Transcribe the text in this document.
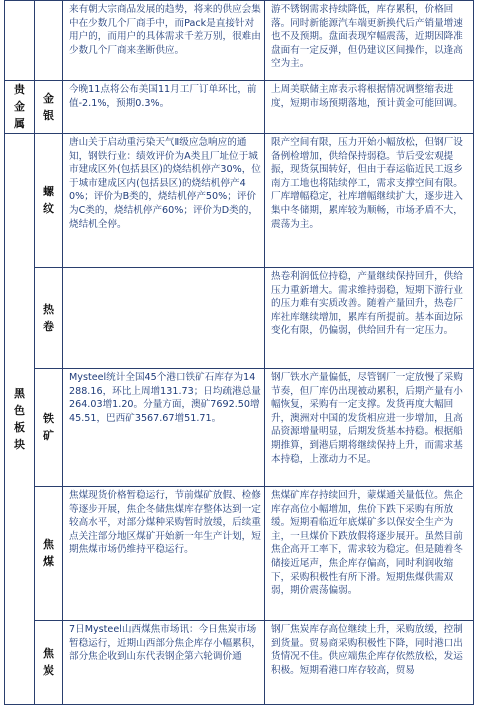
		来有朝大宗商品发展的趋势，将来的供应会集中在少数几个厂商手中，而Pack是直接针对用户的，而用户的具体需求千差万别，很难由少数几个厂商来垄断供应。	游不锈钢需求持续降低，库存累积，价格回落。同时新能源汽车端更新换代后产销量增速也不及预期。盘面表现窄幅震荡，近期因降准盘面有一定反弹，但仍建议区间操作，以逢高空为主。

贵金属	金银	今晚11点将公布美国11月工厂订单环比，前值-2.1%，预期0.3%。	上周美联储主席表示将根据情况调整缩表进度，短期市场预期落地，预计黄金可能回调。

黑色板块	螺纹	唐山关于启动重污染天气Ⅱ级应急响应的通知，钢铁行业：绩效评价为A类且厂址位于城市建成区外(包括县区)的烧结机停产30%，位于城市建成区内(包括县区)的烧结机停产40%；评价为B类的，烧结机停产50%；评价为C类的，烧结机停产60%；评价为D类的，烧结机全停。	限产空间有限，压力开始小幅放松，但钢厂设备例检增加，供给保持弱稳。节后受宏观提振，现货氛围转好，但由于春运临近民工返乡南方工地也将陆续停工，需求支撑空间有限。厂库增幅稳定，社库增幅继续扩大，逐步进入集中冬储期，累库较为顺畅，市场矛盾不大，震荡为主。

	热卷		热卷利润低位持稳，产量继续保持回升，供给压力重新增大。需求维持弱稳，短期下游行业的压力难有实质改善。随着产量回升，热卷厂库社库继续增加，累库有所提前。基本面边际变化有限，仍偏弱，供给回升有一定压力。

	铁矿	Mysteel统计全国45个港口铁矿石库存为14288.16，环比上周增131.73；日均疏港总量264.03增1.20。分量方面，澳矿7692.50增45.51，巴西矿3567.67增51.71。	钢厂铁水产量偏低，尽管钢厂一定放慢了采购节奏，但厂库仍出现被动累积，后期产量有小幅恢复，采购有一定支撑。发货再度大幅回升，澳洲对中国的发货相应进一步增加，且高品资源增量明显，后期发货基本持稳。根据船期推算，到港后期将继续保持上升，而需求基本持稳，上涨动力不足。

	焦煤	焦煤现货价格暂稳运行，节前煤矿放假、检修等逐步开展，焦企冬储焦煤库存整体达到一定较高水平，对部分煤种采购暂时放缓，后续重点关注部分地区煤矿开始新一年生产计划，短期焦煤市场仍维持平稳运行。	焦煤矿库存持续回升，蒙煤通关量低位。焦企库存高位小幅增加，焦价下跌下采购有所放缓。短期看临近年底煤矿多以保安全生产为主，一旦煤价下跌放假将逐步展开。虽然目前焦企高开工率下，需求较为稳定。但是随着冬储接近尾声，焦企库存偏高，同时利润收缩下，采购积极性有所下滑。短期焦煤供需双弱，期价震荡偏弱。

	焦炭	7日Mysteel山西煤焦市场讯：今日焦炭市场暂稳运行，近期山西部分焦企库存小幅累积，部分焦企收到山东代表钢企第六轮调价通	钢厂焦炭库存高位继续上升，采购放缓，控制到货量。贸易商采购积极性下降，同时港口出货情况不佳。供应端焦企库存依然放松，发运积极。短期看港口库存较高，贸易
